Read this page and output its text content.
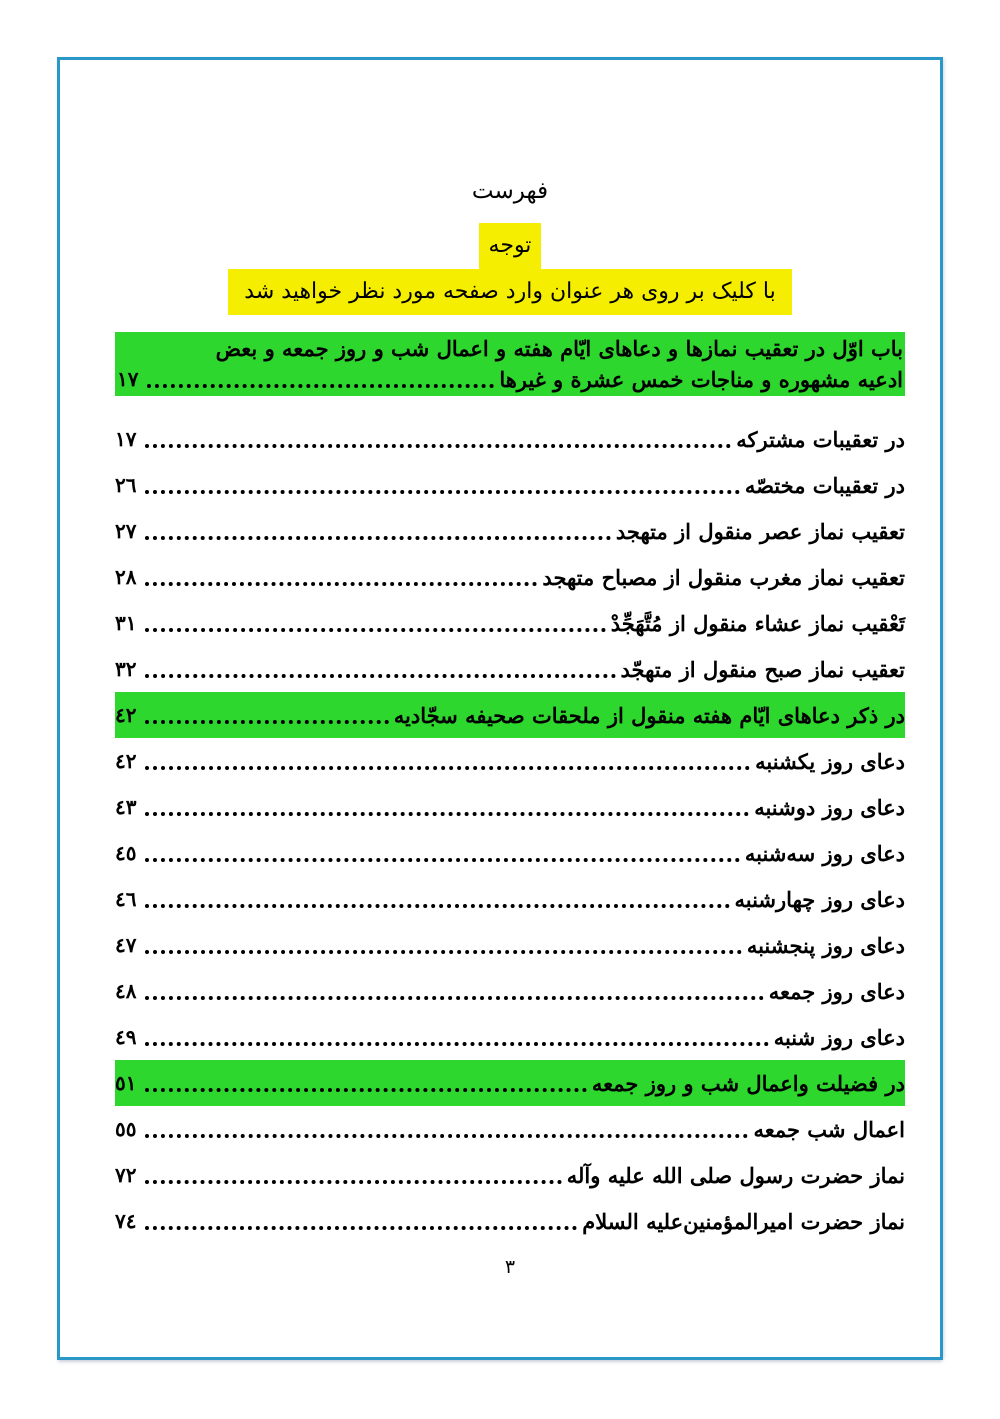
فهرست
توجه
با کلیک بر روی هر عنوان وارد صفحه مورد نظر خواهید شد
باب اوّل در تعقیب نمازها و دعاهای ایّام هفته و اعمال شب و روز جمعه و بعض
ادعیه مشهوره و مناجات خمس عشرة و غیرها
١٧
در تعقیبات مشترکه
١٧
در تعقیبات مختصّه
٢٦
تعقیب نماز عصر منقول از متهجد
٢٧
تعقیب نماز مغرب منقول از مصباح متهجد
٢٨
تَعْقیب نماز عشاء منقول از مُتَّهَجِّدْ
٣١
تعقیب نماز صبح منقول از متهجّد
٣٢
در ذکر دعاهای ایّام هفته منقول از ملحقات صحیفه سجّادیه
٤٢
دعای روز یکشنبه
٤٢
دعای روز دوشنبه
٤٣
دعای روز سه‌شنبه
٤٥
دعای روز چهارشنبه
٤٦
دعای روز پنجشنبه
٤٧
دعای روز جمعه
٤٨
دعای روز شنبه
٤٩
در فضیلت واعمال شب و روز جمعه
٥١
اعمال شب جمعه
٥٥
نماز حضرت رسول صلی الله علیه وآله
٧٢
نماز حضرت امیرالمؤمنین‌علیه السلام
٧٤
٣
